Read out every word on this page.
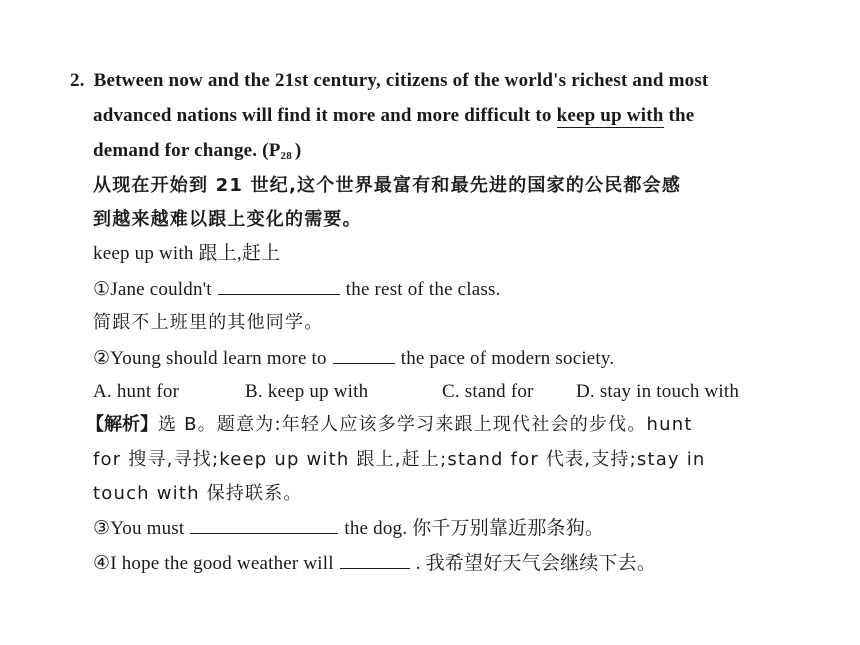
2. Between now and the 21st century, citizens of the world's richest and most
advanced nations will find it more and more difficult to keep up with the
demand for change. ($P_{28}$ )
从现在开始到 21 世纪,这个世界最富有和最先进的国家的公民都会感
到越来越难以跟上变化的需要。
keep up with 跟上,赶上
①Jane couldn't	the rest of the class.
简跟不上班里的其他同学。
②Young should learn more to	the pace of modern society.
A. hunt for	B. keep up with	C. stand for D. stay in touch with
【解析】选 B。题意为:年轻人应该多学习来跟上现代社会的步伐。hunt
for 搜寻,寻找;keep up with 跟上,赶上;stand for 代表,支持;stay in
touch with 保持联系。
③You must	the dog. 你千万别靠近那条狗。
④I hope the good weather will	. 我希望好天气会继续下去。
